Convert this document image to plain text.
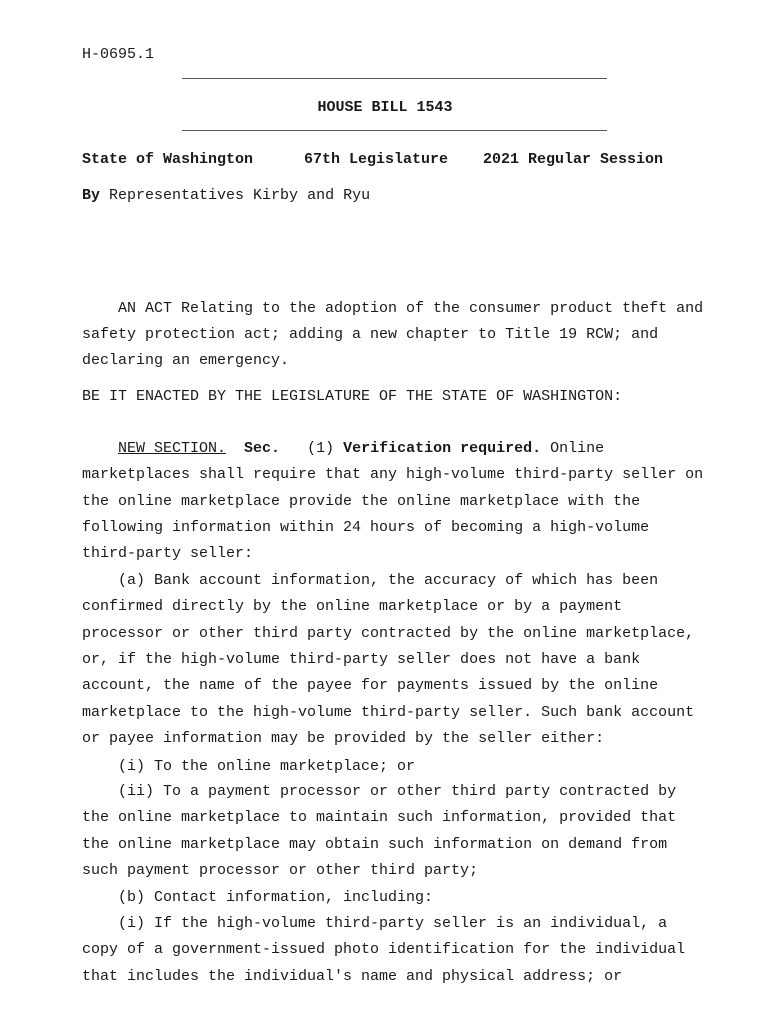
H-0695.1
HOUSE BILL 1543
State of Washington	67th Legislature 2021 Regular Session
By Representatives Kirby and Ryu
AN ACT Relating to the adoption of the consumer product theft and
safety protection act; adding a new chapter to Title 19 RCW; and
declaring an emergency.
BE IT ENACTED BY THE LEGISLATURE OF THE STATE OF WASHINGTON:
NEW SECTION. Sec. (1) Verification required. Online
marketplaces shall require that any high-volume third-party seller on
the online marketplace provide the online marketplace with the
following information within 24 hours of becoming a high-volume
third-party seller:
(a) Bank account information, the accuracy of which has been
confirmed directly by the online marketplace or by a payment
processor or other third party contracted by the online marketplace,
or, if the high-volume third-party seller does not have a bank
account, the name of the payee for payments issued by the online
marketplace to the high-volume third-party seller. Such bank account
or payee information may be provided by the seller either:
(i) To the online marketplace; or
(ii) To a payment processor or other third party contracted by
the online marketplace to maintain such information, provided that
the online marketplace may obtain such information on demand from
such payment processor or other third party;
(b) Contact information, including:
(i) If the high-volume third-party seller is an individual, a
copy of a government-issued photo identification for the individual
that includes the individual's name and physical address; or
